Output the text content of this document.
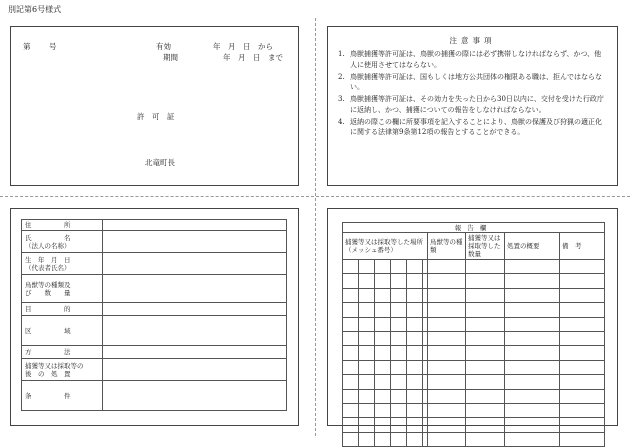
別記第6号様式
第 号	有効
期間
年　月　日　から
年　月　日　まで
許　可　証
北竜町長
注意事項
1. 鳥獣捕獲等許可証は、鳥獣の捕獲の際には必ず携帯しなければならず、かつ、他人に使用させてはならない。
2. 鳥獣捕獲等許可証は、国もしくは地方公共団体の権限ある職は、拒んではならない。
3. 鳥獣捕獲等許可証は、その効力を失った日から30日以内に、交付を受けた行政庁に返納し、かつ、捕獲についての報告をしなければならない。
4. 返納の際この欄に所要事項を記入することにより、鳥獣の保護及び狩猟の適正化に関する法律第9条第12項の報告とすることができる。
住　　　　　所	

氏　　　　　名
（法人の名称）	

生　年　月　日
（代表者氏名）	

鳥獣等の種類及
び　　数　　量	

目　　　　　的	
区　　　　　域	
方　　　　　法	

捕獲等又は採取等の
後　の　処　置	

条　　　　　件	
報告欄									
捕獲等又は採取等した場所（メッシュ番号）						鳥獣等の種類	捕獲等又は採取等した数量	処置の概要	備　考
